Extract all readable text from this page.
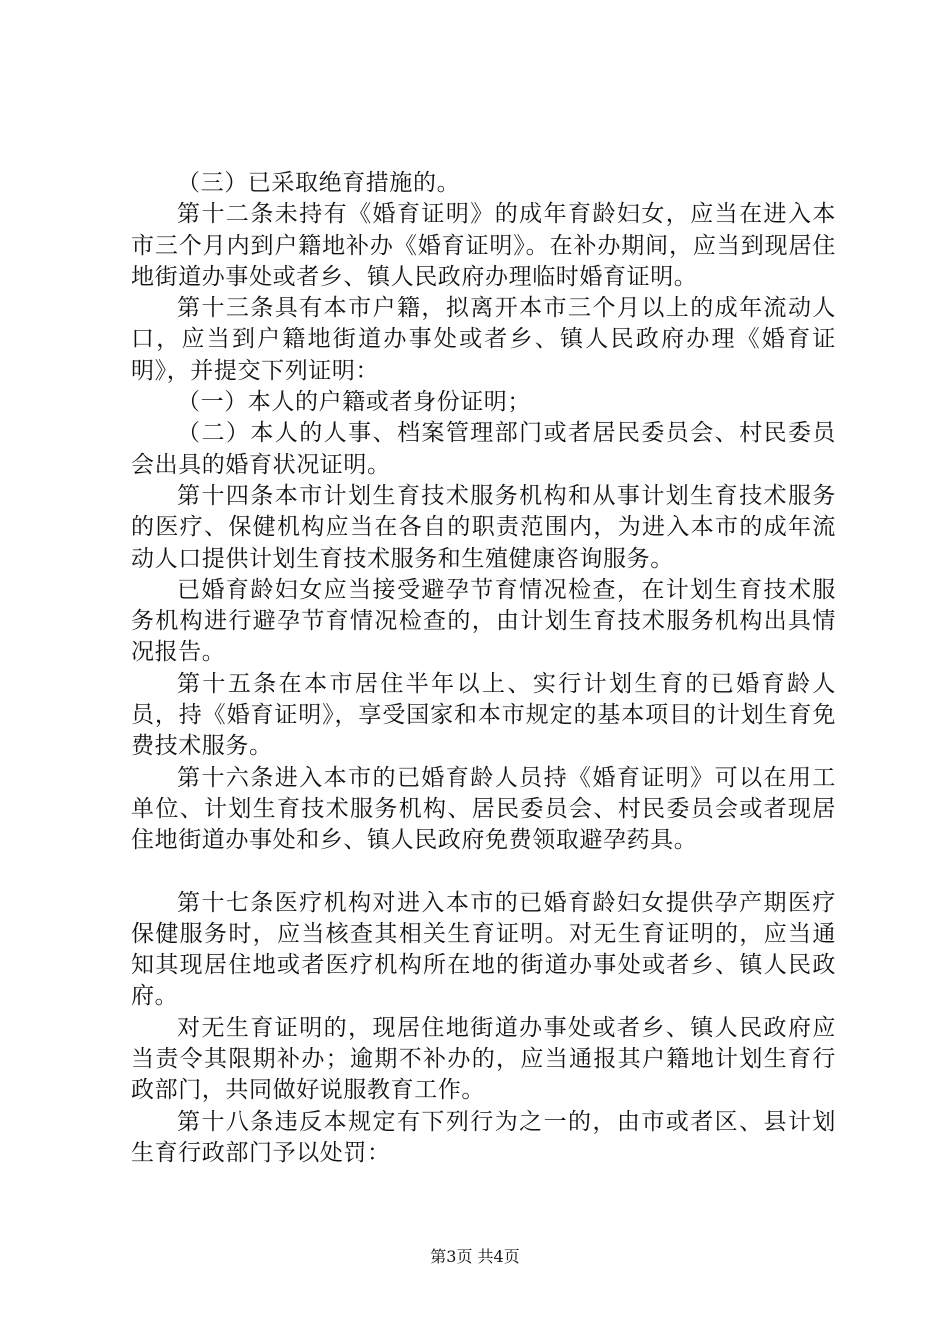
（三）已采取绝育措施的。

第十二条未持有《婚育证明》的成年育龄妇女，应当在进入本市三个月内到户籍地补办《婚育证明》。在补办期间，应当到现居住地街道办事处或者乡、镇人民政府办理临时婚育证明。

第十三条具有本市户籍，拟离开本市三个月以上的成年流动人口，应当到户籍地街道办事处或者乡、镇人民政府办理《婚育证明》，并提交下列证明：

（一）本人的户籍或者身份证明；

（二）本人的人事、档案管理部门或者居民委员会、村民委员会出具的婚育状况证明。

第十四条本市计划生育技术服务机构和从事计划生育技术服务的医疗、保健机构应当在各自的职责范围内，为进入本市的成年流动人口提供计划生育技术服务和生殖健康咨询服务。

已婚育龄妇女应当接受避孕节育情况检查，在计划生育技术服务机构进行避孕节育情况检查的，由计划生育技术服务机构出具情况报告。

第十五条在本市居住半年以上、实行计划生育的已婚育龄人员，持《婚育证明》，享受国家和本市规定的基本项目的计划生育免费技术服务。

第十六条进入本市的已婚育龄人员持《婚育证明》可以在用工单位、计划生育技术服务机构、居民委员会、村民委员会或者现居住地街道办事处和乡、镇人民政府免费领取避孕药具。

第十七条医疗机构对进入本市的已婚育龄妇女提供孕产期医疗保健服务时，应当核查其相关生育证明。对无生育证明的，应当通知其现居住地或者医疗机构所在地的街道办事处或者乡、镇人民政府。

对无生育证明的，现居住地街道办事处或者乡、镇人民政府应当责令其限期补办；逾期不补办的，应当通报其户籍地计划生育行政部门，共同做好说服教育工作。

第十八条违反本规定有下列行为之一的，由市或者区、县计划生育行政部门予以处罚：

第3页 共4页
